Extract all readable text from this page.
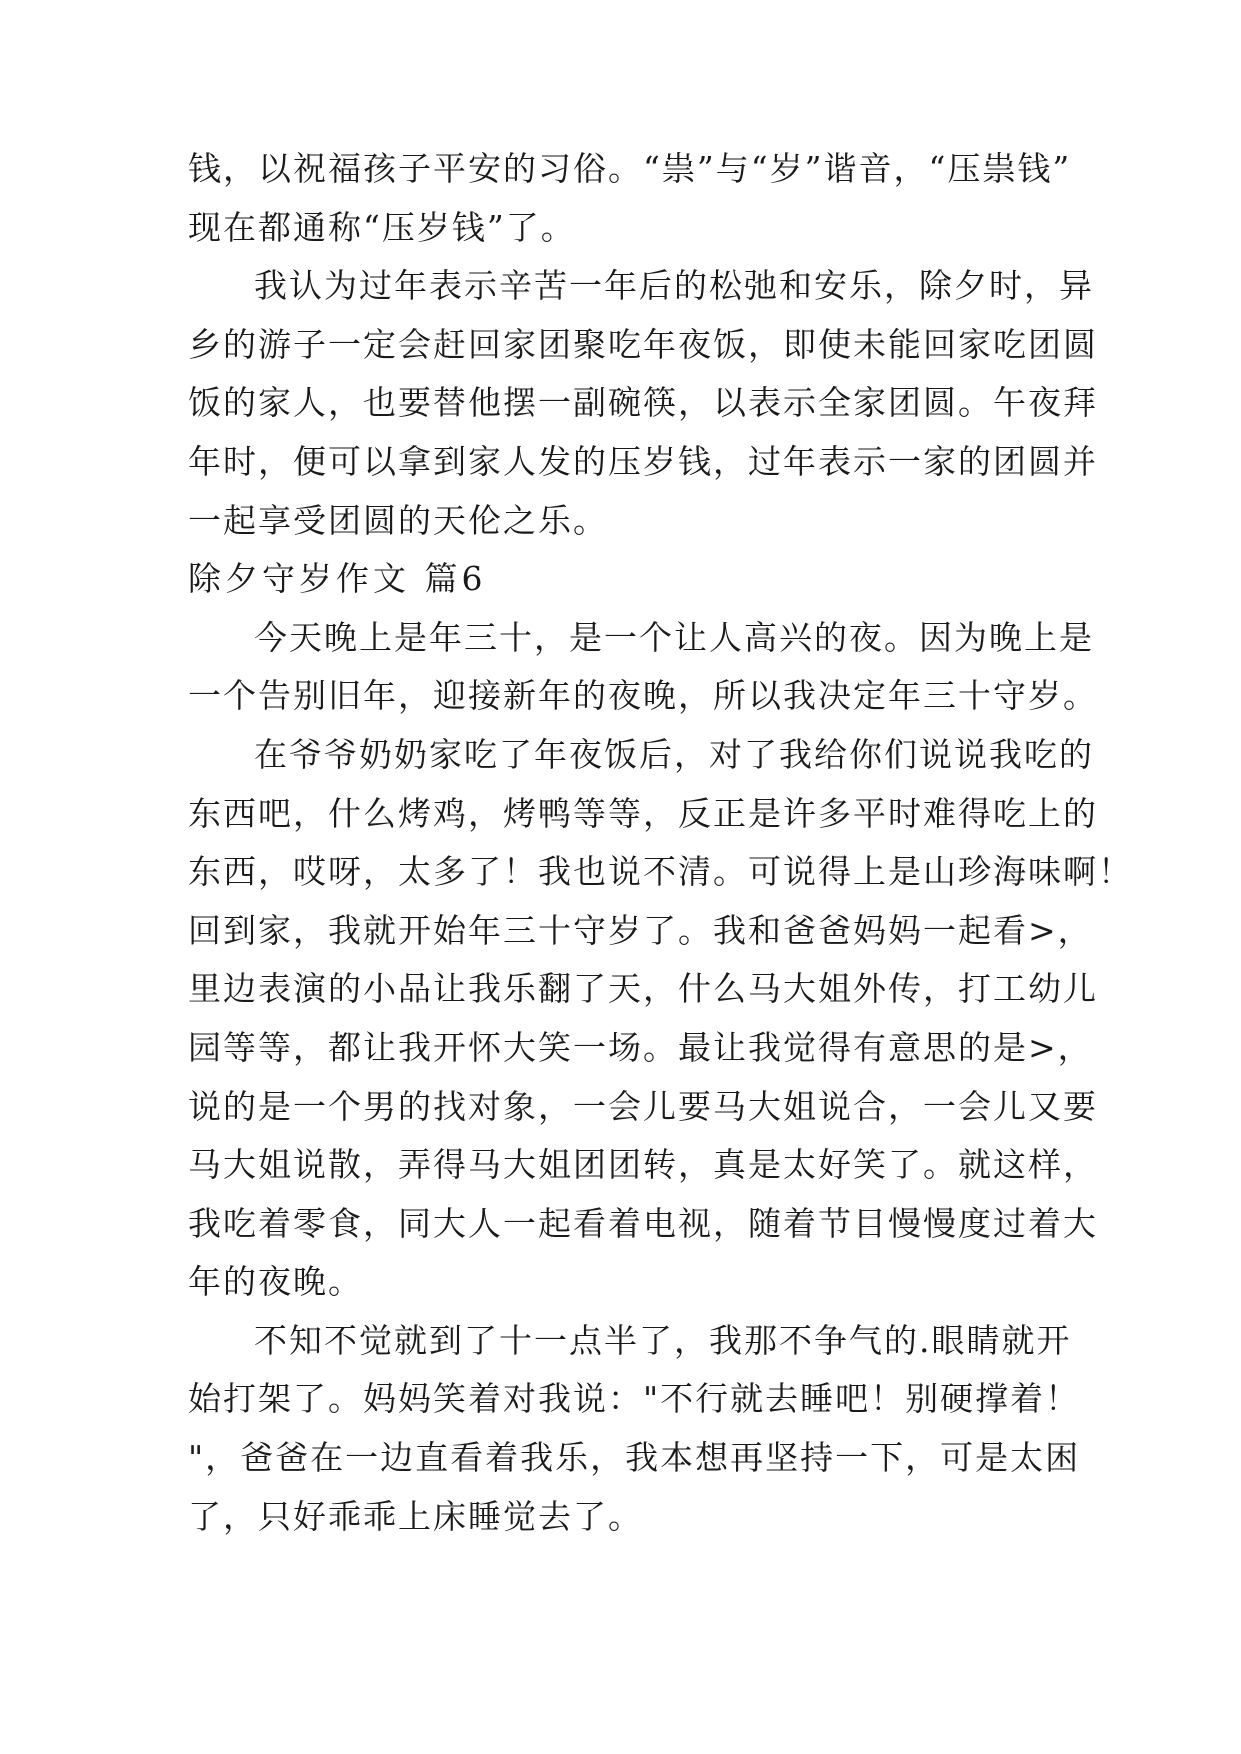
钱，以祝福孩子平安的习俗。“祟”与“岁”谐音，“压祟钱”
现在都通称“压岁钱”了。
我认为过年表示辛苦一年后的松弛和安乐，除夕时，异
乡的游子一定会赶回家团聚吃年夜饭，即使未能回家吃团圆
饭的家人，也要替他摆一副碗筷，以表示全家团圆。午夜拜
年时，便可以拿到家人发的压岁钱，过年表示一家的团圆并
一起享受团圆的天伦之乐。
除夕守岁作文 篇6
今天晚上是年三十，是一个让人高兴的夜。因为晚上是
一个告别旧年，迎接新年的夜晚，所以我决定年三十守岁。
在爷爷奶奶家吃了年夜饭后，对了我给你们说说我吃的
东西吧，什么烤鸡，烤鸭等等，反正是许多平时难得吃上的
东西，哎呀，太多了！我也说不清。可说得上是山珍海味啊！
回到家，我就开始年三十守岁了。我和爸爸妈妈一起看>，
里边表演的小品让我乐翻了天，什么马大姐外传，打工幼儿
园等等，都让我开怀大笑一场。最让我觉得有意思的是>，
说的是一个男的找对象，一会儿要马大姐说合，一会儿又要
马大姐说散，弄得马大姐团团转，真是太好笑了。就这样，
我吃着零食，同大人一起看着电视，随着节目慢慢度过着大
年的夜晚。
不知不觉就到了十一点半了，我那不争气的.眼睛就开
始打架了。妈妈笑着对我说："不行就去睡吧！别硬撑着！
"，爸爸在一边直看着我乐，我本想再坚持一下，可是太困
了，只好乖乖上床睡觉去了。
